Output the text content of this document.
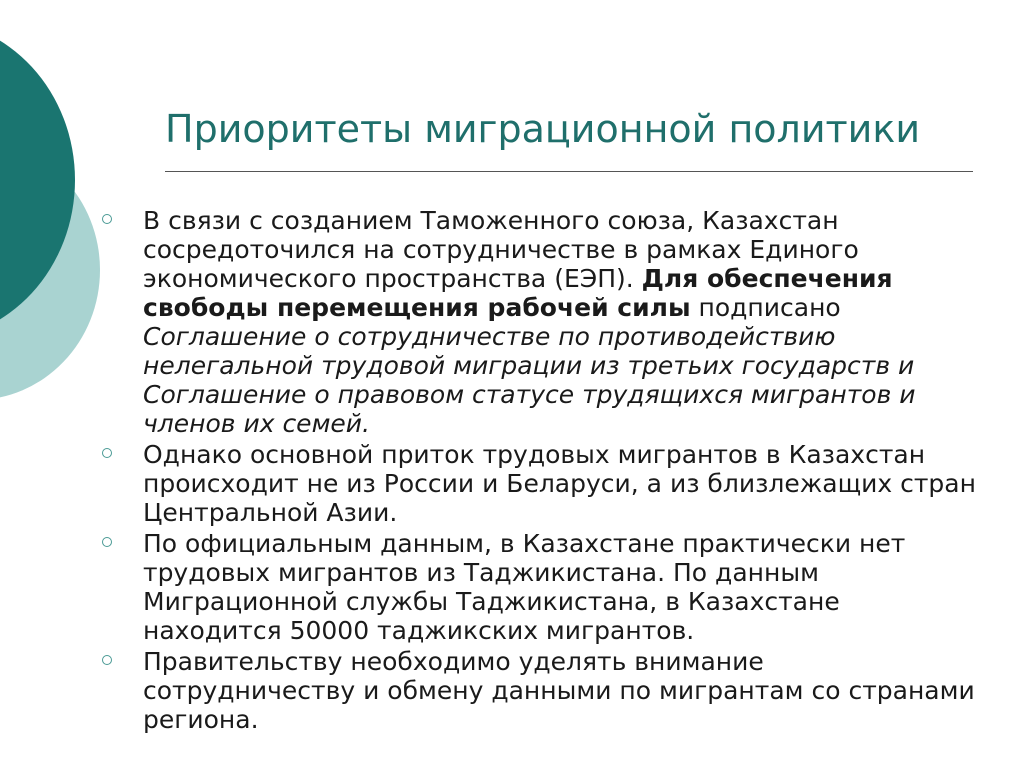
Приоритеты миграционной политики
В связи с созданием Таможенного союза, Казахстан сосредоточился на сотрудничестве в рамках Единого экономического пространства (ЕЭП). Для обеспечения свободы перемещения рабочей силы подписано Соглашение о сотрудничестве по противодействию нелегальной трудовой миграции из третьих государств и Соглашение о правовом статусе трудящихся мигрантов и членов их семей.
Однако основной приток трудовых мигрантов в Казахстан происходит не из России и Беларуси, а из близлежащих стран Центральной Азии.
По официальным данным, в Казахстане практически нет трудовых мигрантов из Таджикистана. По данным Миграционной службы Таджикистана, в Казахстане находится 50000 таджикских мигрантов.
Правительству необходимо уделять внимание сотрудничеству и обмену данными по мигрантам со странами региона.
